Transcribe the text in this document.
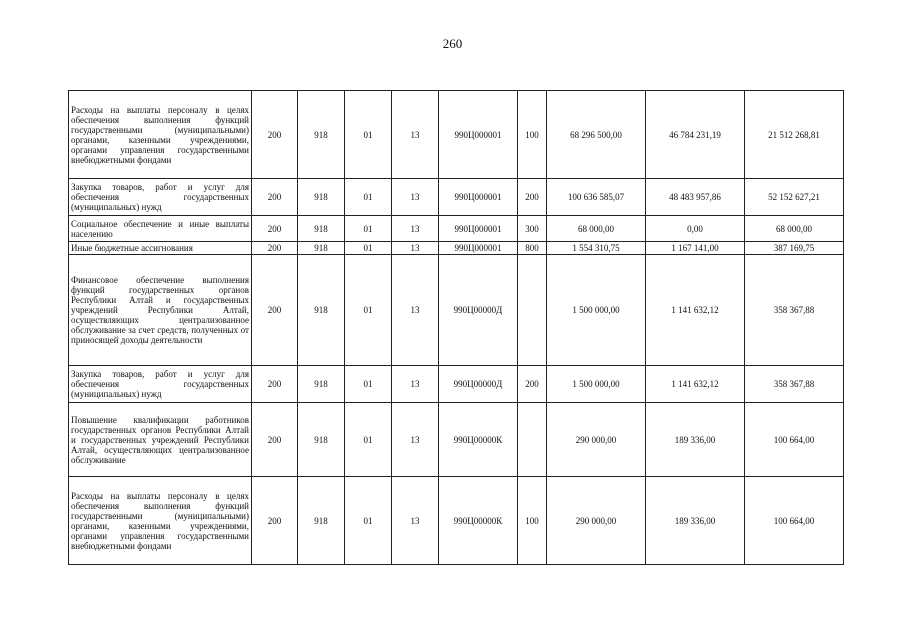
260
Расходы на выплаты персоналу в целях обеспечения выполнения функций государственными (муниципальными) органами, казенными учреждениями, органами управления государственными внебюджетными фондами	200	918	01	13	990Ц000001	100	68 296 500,00	46 784 231,19	21 512 268,81
Закупка товаров, работ и услуг для обеспечения государственных (муниципальных) нужд	200	918	01	13	990Ц000001	200	100 636 585,07	48 483 957,86	52 152 627,21
Социальное обеспечение и иные выплаты населению	200	918	01	13	990Ц000001	300	68 000,00	0,00	68 000,00
Иные бюджетные ассигнования	200	918	01	13	990Ц000001	800	1 554 310,75	1 167 141,00	387 169,75
Финансовое обеспечение выполнения функций государственных органов Республики Алтай и государственных учреждений Республики Алтай, осуществляющих централизованное обслуживание за счет средств, полученных от приносящей доходы деятельности	200	918	01	13	990Ц00000Д		1 500 000,00	1 141 632,12	358 367,88
Закупка товаров, работ и услуг для обеспечения государственных (муниципальных) нужд	200	918	01	13	990Ц00000Д	200	1 500 000,00	1 141 632,12	358 367,88
Повышение квалификации работников государственных органов Республики Алтай и государственных учреждений Республики Алтай, осуществляющих централизованное обслуживание	200	918	01	13	990Ц00000К		290 000,00	189 336,00	100 664,00
Расходы на выплаты персоналу в целях обеспечения выполнения функций государственными (муниципальными) органами, казенными учреждениями, органами управления государственными внебюджетными фондами	200	918	01	13	990Ц00000К	100	290 000,00	189 336,00	100 664,00
